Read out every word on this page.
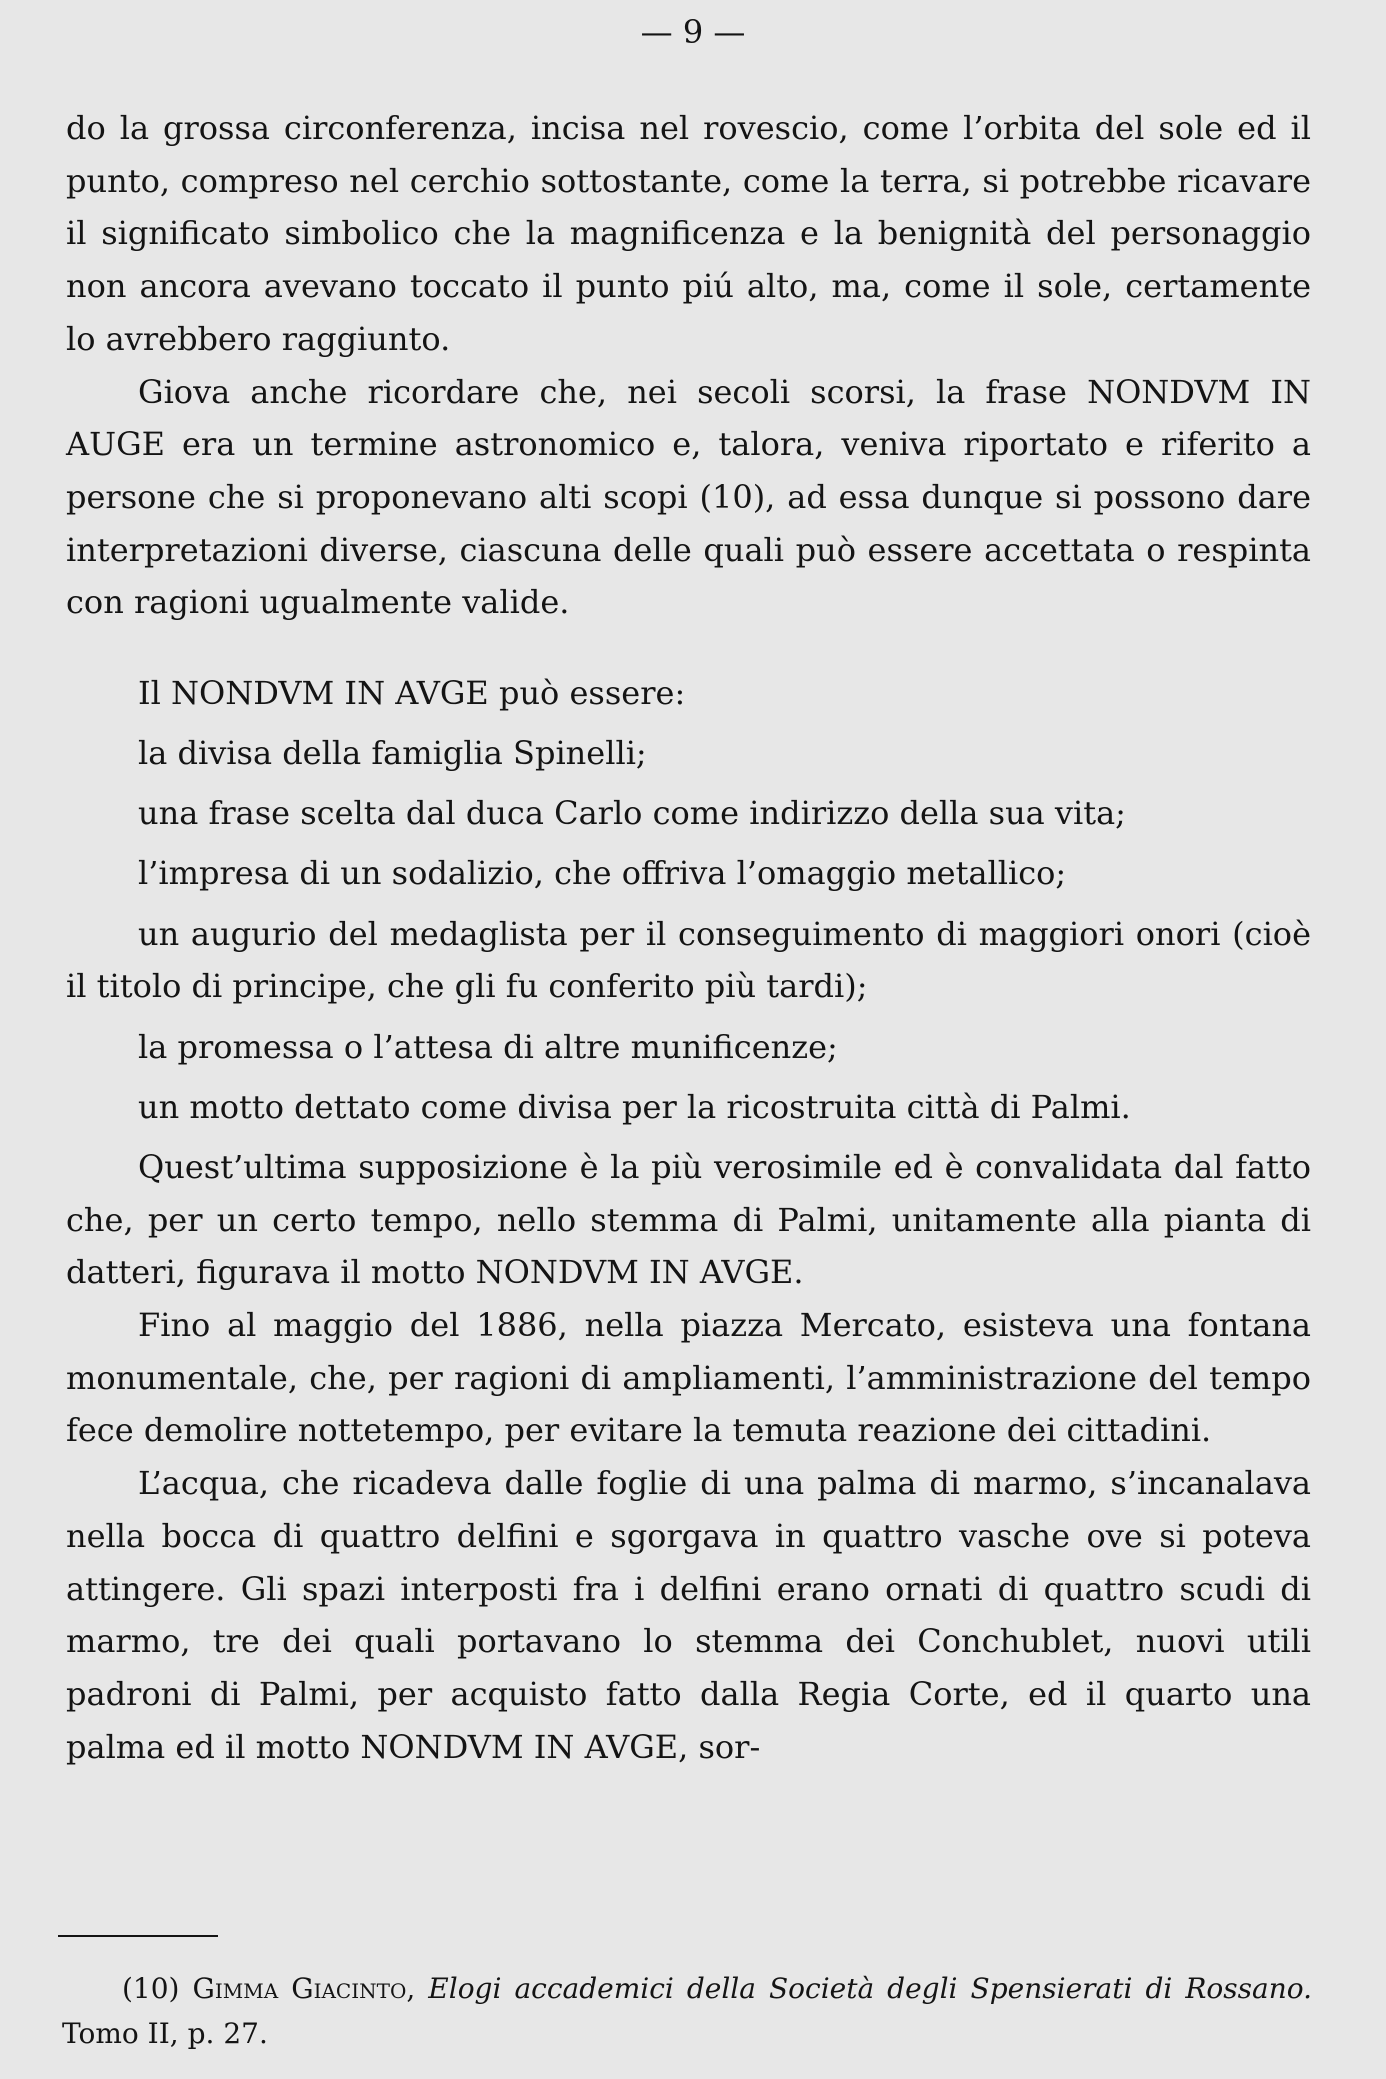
— 9 —

do la grossa circonferenza, incisa nel rovescio, come l’orbita del sole ed il punto, compreso nel cerchio sottostante, come la terra, si potrebbe ricavare il significato simbolico che la magnificenza e la benignità del personaggio non ancora avevano toccato il punto piú alto, ma, come il sole, certamente lo avrebbero raggiunto.

Giova anche ricordare che, nei secoli scorsi, la frase NONDVM IN AUGE era un termine astronomico e, talora, veniva riportato e riferito a persone che si proponevano alti scopi (10), ad essa dunque si possono dare interpretazioni diverse, ciascuna delle quali può essere accettata o respinta con ragioni ugualmente valide.

Il NONDVM IN AVGE può essere:

la divisa della famiglia Spinelli;

una frase scelta dal duca Carlo come indirizzo della sua vita;

l’impresa di un sodalizio, che offriva l’omaggio metallico;

un augurio del medaglista per il conseguimento di maggiori onori (cioè il titolo di principe, che gli fu conferito più tardi);

la promessa o l’attesa di altre munificenze;

un motto dettato come divisa per la ricostruita città di Palmi.

Quest’ultima supposizione è la più verosimile ed è convalidata dal fatto che, per un certo tempo, nello stemma di Palmi, unitamente alla pianta di datteri, figurava il motto NONDVM IN AVGE.

Fino al maggio del 1886, nella piazza Mercato, esisteva una fontana monumentale, che, per ragioni di ampliamenti, l’amministrazione del tempo fece demolire nottetempo, per evitare la temuta reazione dei cittadini.

L’acqua, che ricadeva dalle foglie di una palma di marmo, s’incanalava nella bocca di quattro delfini e sgorgava in quattro vasche ove si poteva attingere. Gli spazi interposti fra i delfini erano ornati di quattro scudi di marmo, tre dei quali portavano lo stemma dei Conchublet, nuovi utili padroni di Palmi, per acquisto fatto dalla Regia Corte, ed il quarto una palma ed il motto NONDVM IN AVGE, sor-

(10) Gimma Giacinto, Elogi accademici della Società degli Spensierati di Rossano. Tomo II, p. 27.
